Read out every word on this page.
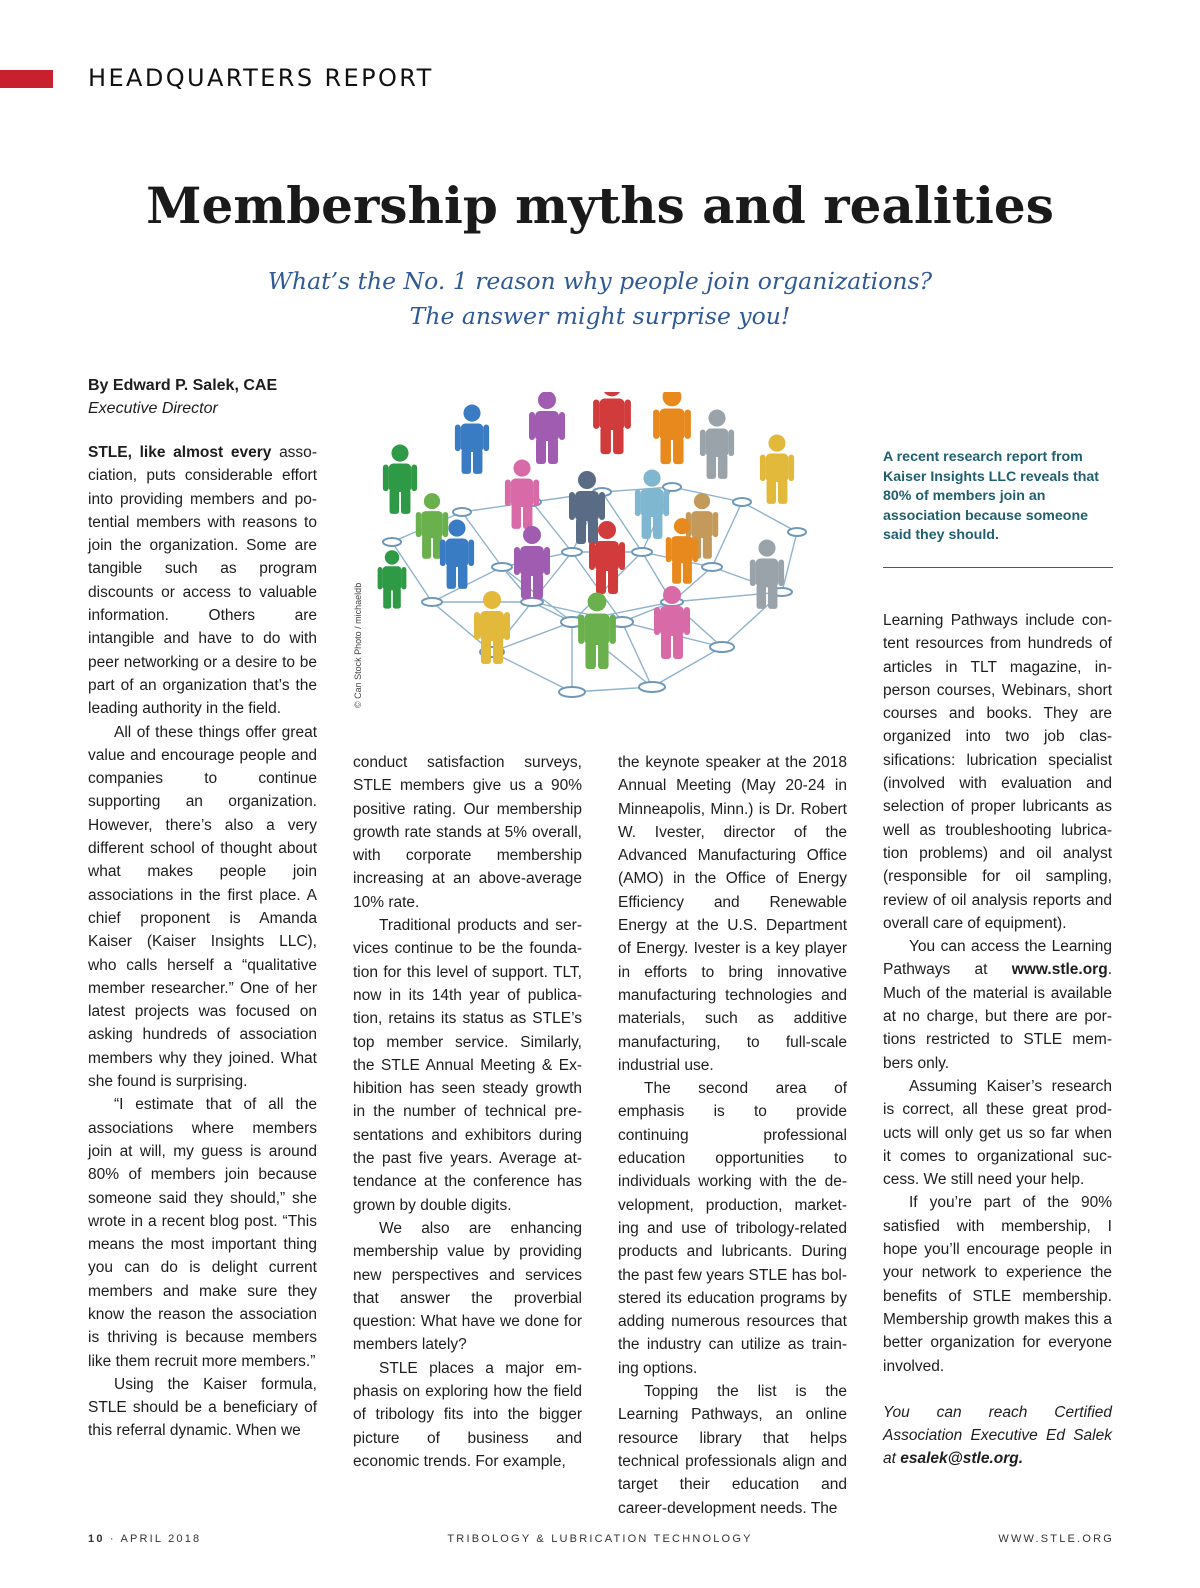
HEADQUARTERS REPORT
Membership myths and realities
What’s the No. 1 reason why people join organizations?
The answer might surprise you!
By Edward P. Salek, CAE
Executive Director
© Can Stock Photo / michaeldb
A recent research report from Kaiser Insights LLC reveals that 80% of members join an association because someone said they should.

STLE, like almost every association, puts considerable effort into providing members and potential members with reasons to join the organization. Some are tangible such as program discounts or access to valuable information. Others are intangible and have to do with peer networking or a desire to be part of an organization that’s the leading authority in the field.

All of these things offer great value and encourage people and companies to continue supporting an organization. However, there’s also a very different school of thought about what makes people join associations in the first place. A chief proponent is Amanda Kaiser (Kaiser Insights LLC), who calls herself a “qualitative member researcher.” One of her latest projects was focused on asking hundreds of association members why they joined. What she found is surprising.

“I estimate that of all the associations where members join at will, my guess is around 80% of members join because someone said they should,” she wrote in a recent blog post. “This means the most important thing you can do is delight current members and make sure they know the reason the association is thriving is because members like them recruit more members.”

Using the Kaiser formula, STLE should be a beneficiary of this referral dynamic. When we

conduct satisfaction surveys, STLE members give us a 90% positive rating. Our membership growth rate stands at 5% overall, with corporate membership increasing at an above-average 10% rate.

Traditional products and services continue to be the foundation for this level of support. TLT, now in its 14th year of publication, retains its status as STLE’s top member service. Similarly, the STLE Annual Meeting & Exhibition has seen steady growth in the number of technical presentations and exhibitors during the past five years. Average attendance at the conference has grown by double digits.

We also are enhancing membership value by providing new perspectives and services that answer the proverbial question: What have we done for members lately?

STLE places a major emphasis on exploring how the field of tribology fits into the bigger picture of business and economic trends. For example,

the keynote speaker at the 2018 Annual Meeting (May 20-24 in Minneapolis, Minn.) is Dr. Robert W. Ivester, director of the Advanced Manufacturing Office (AMO) in the Office of Energy Efficiency and Renewable Energy at the U.S. Department of Energy. Ivester is a key player in efforts to bring innovative manufacturing technologies and materials, such as additive manufacturing, to full-scale industrial use.

The second area of emphasis is to provide continuing professional education opportunities to individuals working with the development, production, marketing and use of tribology-related products and lubricants. During the past few years STLE has bolstered its education programs by adding numerous resources that the industry can utilize as training options.

Topping the list is the Learning Pathways, an online resource library that helps technical professionals align and target their education and career-development needs. The

Learning Pathways include content resources from hundreds of articles in TLT magazine, in-person courses, Webinars, short courses and books. They are organized into two job classifications: lubrication specialist (involved with evaluation and selection of proper lubricants as well as troubleshooting lubrication problems) and oil analyst (responsible for oil sampling, review of oil analysis reports and overall care of equipment).

You can access the Learning Pathways at www.stle.org. Much of the material is available at no charge, but there are portions restricted to STLE members only.

Assuming Kaiser’s research is correct, all these great products will only get us so far when it comes to organizational success. We still need your help.

If you’re part of the 90% satisfied with membership, I hope you’ll encourage people in your network to experience the benefits of STLE membership. Membership growth makes this a better organization for everyone involved.

You can reach Certified Association Executive Ed Salek at esalek@stle.org.

10 · APRIL 2018	TRIBOLOGY & LUBRICATION TECHNOLOGY	WWW.STLE.ORG
